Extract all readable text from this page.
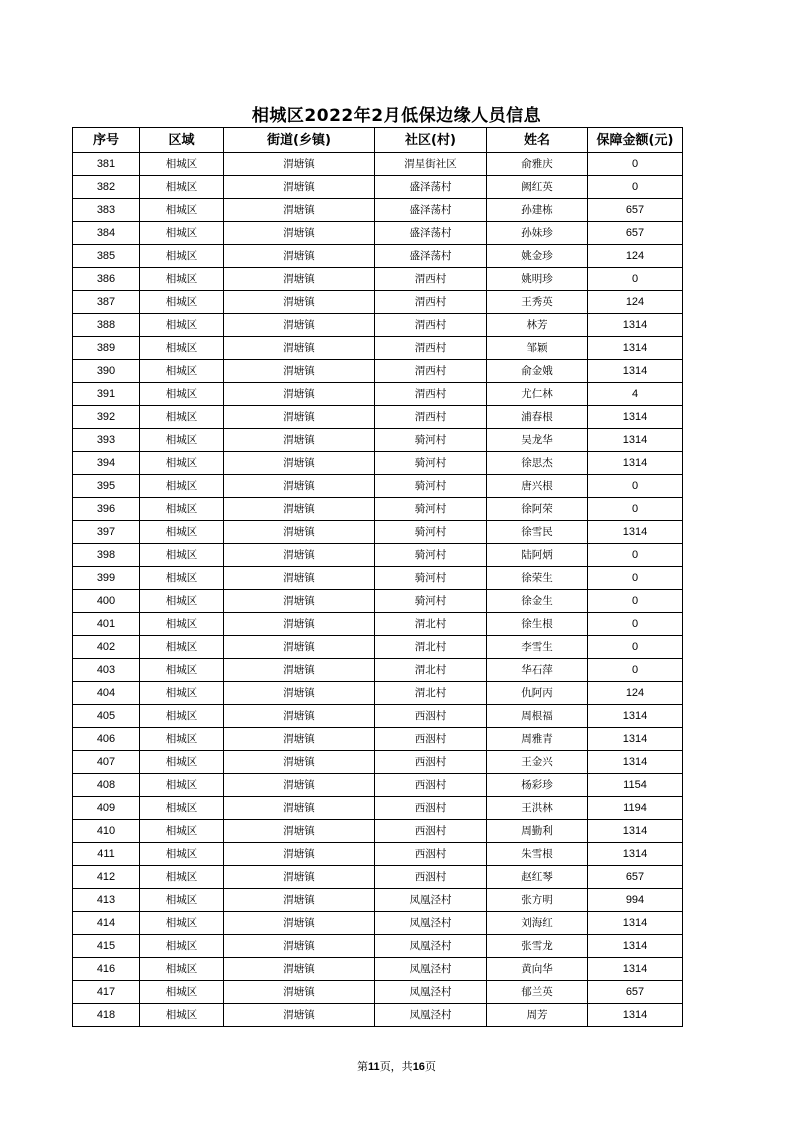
相城区2022年2月低保边缘人员信息
序号	区域	街道(乡镇)	社区(村)	姓名	保障金额(元)
381	相城区	渭塘镇	渭星街社区	俞雅庆	0
382	相城区	渭塘镇	盛泽荡村	阙红英	0
383	相城区	渭塘镇	盛泽荡村	孙建栋	657
384	相城区	渭塘镇	盛泽荡村	孙妹珍	657
385	相城区	渭塘镇	盛泽荡村	姚金珍	124
386	相城区	渭塘镇	渭西村	姚明珍	0
387	相城区	渭塘镇	渭西村	王秀英	124
388	相城区	渭塘镇	渭西村	林芳	1314
389	相城区	渭塘镇	渭西村	邹颖	1314
390	相城区	渭塘镇	渭西村	俞金娥	1314
391	相城区	渭塘镇	渭西村	尤仁林	4
392	相城区	渭塘镇	渭西村	浦春根	1314
393	相城区	渭塘镇	骑河村	吴龙华	1314
394	相城区	渭塘镇	骑河村	徐思杰	1314
395	相城区	渭塘镇	骑河村	唐兴根	0
396	相城区	渭塘镇	骑河村	徐阿荣	0
397	相城区	渭塘镇	骑河村	徐雪民	1314
398	相城区	渭塘镇	骑河村	陆阿炳	0
399	相城区	渭塘镇	骑河村	徐荣生	0
400	相城区	渭塘镇	骑河村	徐金生	0
401	相城区	渭塘镇	渭北村	徐生根	0
402	相城区	渭塘镇	渭北村	李雪生	0
403	相城区	渭塘镇	渭北村	华石萍	0
404	相城区	渭塘镇	渭北村	仇阿丙	124
405	相城区	渭塘镇	西洇村	周根福	1314
406	相城区	渭塘镇	西洇村	周雅青	1314
407	相城区	渭塘镇	西洇村	王金兴	1314
408	相城区	渭塘镇	西洇村	杨彩珍	1154
409	相城区	渭塘镇	西洇村	王洪林	1194
410	相城区	渭塘镇	西洇村	周勤利	1314
411	相城区	渭塘镇	西洇村	朱雪根	1314
412	相城区	渭塘镇	西洇村	赵红琴	657
413	相城区	渭塘镇	凤凰泾村	张方明	994
414	相城区	渭塘镇	凤凰泾村	刘海红	1314
415	相城区	渭塘镇	凤凰泾村	张雪龙	1314
416	相城区	渭塘镇	凤凰泾村	黄向华	1314
417	相城区	渭塘镇	凤凰泾村	郁兰英	657
418	相城区	渭塘镇	凤凰泾村	周芳	1314
第11页，共16页
